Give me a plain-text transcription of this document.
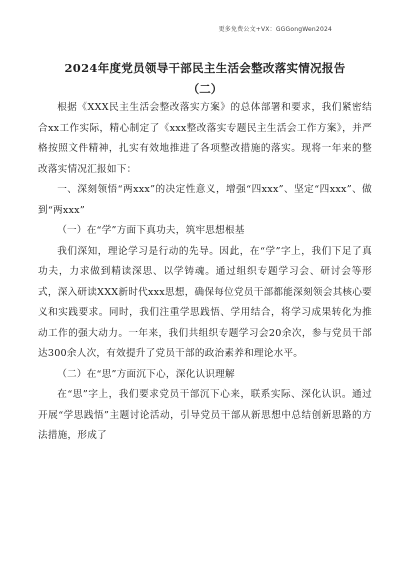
更多免费公文+VX：GGGongWen2024
2024年度党员领导干部民主生活会整改落实情况报告
（二）

根据《XXX民主生活会整改落实方案》的总体部署和要求，我们紧密结合xx工作实际，精心制定了《xxx整改落实专题民主生活会工作方案》，并严格按照文件精神，扎实有效地推进了各项整改措施的落实。现将一年来的整改落实情况汇报如下：

一、深刻领悟“两xxx”的决定性意义，增强“四xxx”、坚定“四xxx”、做到“两xxx”

（一）在“学”方面下真功夫，筑牢思想根基

我们深知，理论学习是行动的先导。因此，在“学”字上，我们下足了真功夫，力求做到精读深思、以学铸魂。通过组织专题学习会、研讨会等形式，深入研读XXX新时代xxx思想，确保每位党员干部都能深刻领会其核心要义和实践要求。同时，我们注重学思践悟、学用结合，将学习成果转化为推动工作的强大动力。一年来，我们共组织专题学习会20余次，参与党员干部达300余人次，有效提升了党员干部的政治素养和理论水平。

（二）在“思”方面沉下心，深化认识理解

在“思”字上，我们要求党员干部沉下心来，联系实际、深化认识。通过开展“学思践悟”主题讨论活动，引导党员干部从新思想中总结创新思路的方法措施，形成了
